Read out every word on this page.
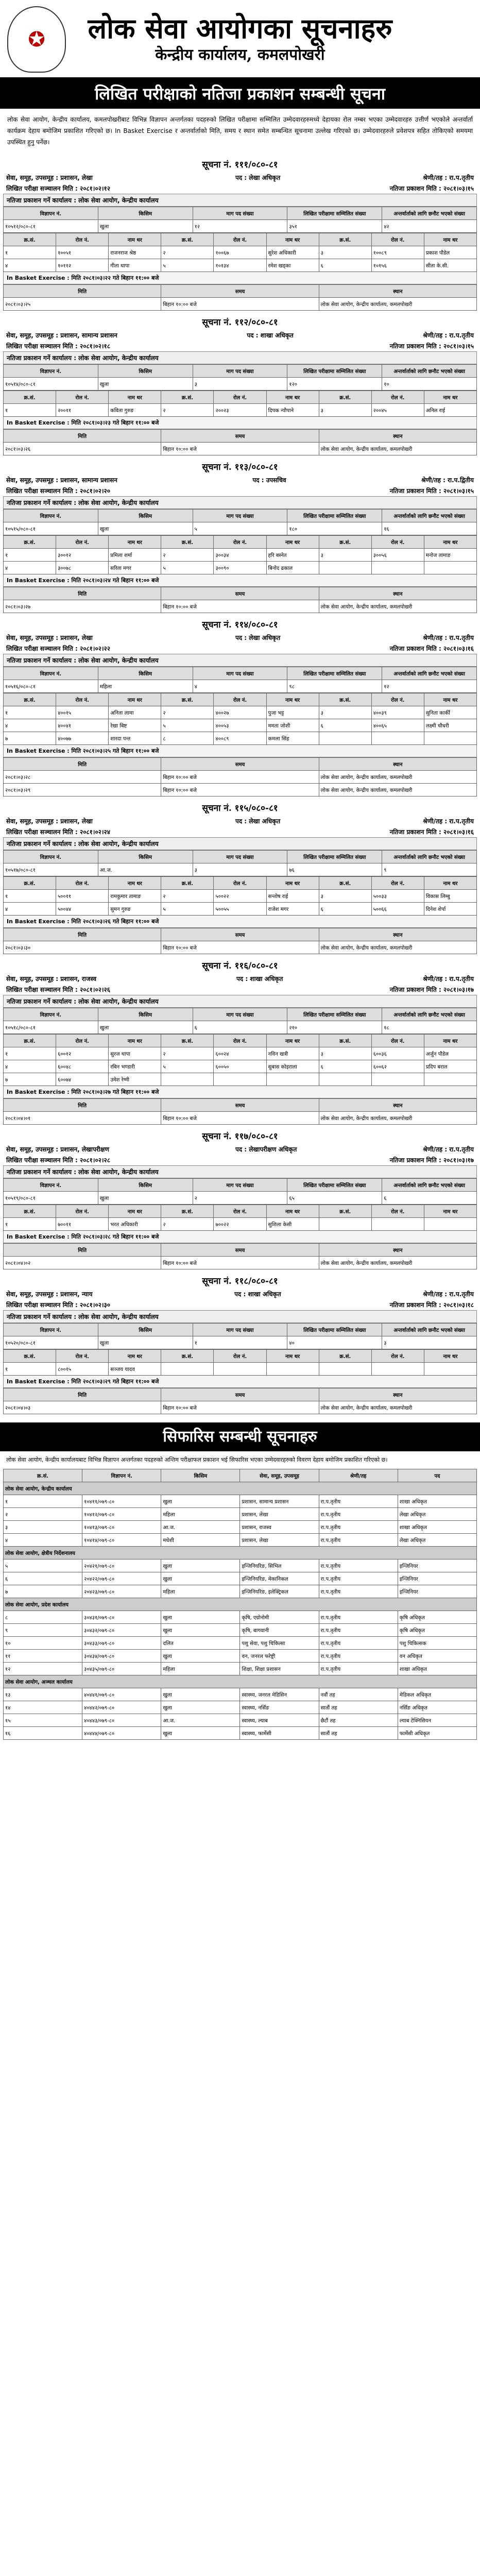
✪	लोक सेवा आयोगका सूचनाहरु
केन्द्रीय कार्यालय, कमलपोखरी
लिखित परीक्षाको नतिजा प्रकाशन सम्बन्धी सूचना
लोक सेवा आयोग, केन्द्रीय कार्यालय, कमलपोखरीबाट विभिन्न विज्ञापन अन्तर्गतका पदहरुको लिखित परीक्षामा सम्मिलित उम्मेदवारहरुमध्ये देहायका रोल नम्बर भएका उम्मेदवारहरु उत्तीर्ण भएकोले अन्तर्वार्ता कार्यक्रम देहाय बमोजिम प्रकाशित गरिएको छ। In Basket Exercise र अन्तर्वार्ताको मिति, समय र स्थान समेत सम्बन्धित सूचनामा उल्लेख गरिएको छ। उम्मेदवारहरुले प्रवेशपत्र सहित तोकिएको समयमा उपस्थित हुनु पर्नेछ।
सूचना नं. १११/०८०-८१
सेवा, समूह, उपसमूह : प्रशासन, लेखा	पद : लेखा अधिकृत	श्रेणी/तह : रा.प.तृतीय
लिखित परीक्षा सञ्चालन मिति : २०८१।०२।१२	नतिजा प्रकाशन मिति : २०८१।०३।१५
नतिजा प्रकाशन गर्ने कार्यालय : लोक सेवा आयोग, केन्द्रीय कार्यालय
विज्ञापन नं.	किसिम	माग पद संख्या	लिखित परीक्षामा सम्मिलित संख्या	अन्तर्वार्ताको लागि छनौट भएको संख्या
१०५१२/०८०-८१	खुला	१२	३५१	४२
क्र.सं.	रोल नं.	नाम थर	क्र.सं.	रोल नं.	नाम थर	क्र.सं.	रोल नं.	नाम थर
१	१००५१	राजनराज श्रेष्ठ	२	१००६७	सुरेश अधिकारी	३	१००८९	प्रकाश पौडेल
४	१०११२	गीता थापा	५	१०१३४	रमेश खड्का	६	१०१५६	सीता के.सी.
In Basket Exercise : मिति २०८१।०३।२२ गते बिहान ११:०० बजे
मिति	समय	स्थान
२०८१।०३।२५	बिहान १०:०० बजे	लोक सेवा आयोग, केन्द्रीय कार्यालय, कमलपोखरी
सूचना नं. ११२/०८०-८१
सेवा, समूह, उपसमूह : प्रशासन, सामान्य प्रशासन	पद : शाखा अधिकृत	श्रेणी/तह : रा.प.तृतीय
लिखित परीक्षा सञ्चालन मिति : २०८१।०२।१८	नतिजा प्रकाशन मिति : २०८१।०३।१५
नतिजा प्रकाशन गर्ने कार्यालय : लोक सेवा आयोग, केन्द्रीय कार्यालय
विज्ञापन नं.	किसिम	माग पद संख्या	लिखित परीक्षामा सम्मिलित संख्या	अन्तर्वार्ताको लागि छनौट भएको संख्या
१०५१४/०८०-८१	खुला	३	१२०	१०
क्र.सं.	रोल नं.	नाम थर	क्र.सं.	रोल नं.	नाम थर	क्र.सं.	रोल नं.	नाम थर
१	२००११	कविता गुरुङ	२	२००२३	दिपक न्यौपाने	३	२००४५	अनिल राई
In Basket Exercise : मिति २०८१।०३।२३ गते बिहान ११:०० बजे
मिति	समय	स्थान
२०८१।०३।२६	बिहान १०:०० बजे	लोक सेवा आयोग, केन्द्रीय कार्यालय, कमलपोखरी
सूचना नं. ११३/०८०-८१
सेवा, समूह, उपसमूह : प्रशासन, सामान्य प्रशासन	पद : उपसचिव	श्रेणी/तह : रा.प.द्वितीय
लिखित परीक्षा सञ्चालन मिति : २०८१।०२।२०	नतिजा प्रकाशन मिति : २०८१।०३।१५
नतिजा प्रकाशन गर्ने कार्यालय : लोक सेवा आयोग, केन्द्रीय कार्यालय
विज्ञापन नं.	किसिम	माग पद संख्या	लिखित परीक्षामा सम्मिलित संख्या	अन्तर्वार्ताको लागि छनौट भएको संख्या
१०५१५/०८०-८१	खुला	५	१८०	१६
क्र.सं.	रोल नं.	नाम थर	क्र.सं.	रोल नं.	नाम थर	क्र.सं.	रोल नं.	नाम थर
१	३००१२	प्रमिला शर्मा	२	३००३४	हरि बस्नेत	३	३००५६	मनोज तामाङ
४	३००७८	सरिता मगर	५	३००९०	बिनोद ढकाल			
In Basket Exercise : मिति २०८१।०३।२४ गते बिहान ११:०० बजे
मिति	समय	स्थान
२०८१।०३।२७	बिहान १०:०० बजे	लोक सेवा आयोग, केन्द्रीय कार्यालय, कमलपोखरी
सूचना नं. ११४/०८०-८१
सेवा, समूह, उपसमूह : प्रशासन, लेखा	पद : लेखा अधिकृत	श्रेणी/तह : रा.प.तृतीय
लिखित परीक्षा सञ्चालन मिति : २०८१।०२।२२	नतिजा प्रकाशन मिति : २०८१।०३।१६
नतिजा प्रकाशन गर्ने कार्यालय : लोक सेवा आयोग, केन्द्रीय कार्यालय
विज्ञापन नं.	किसिम	माग पद संख्या	लिखित परीक्षामा सम्मिलित संख्या	अन्तर्वार्ताको लागि छनौट भएको संख्या
१०५१६/०८०-८१	महिला	४	९८	१२
क्र.सं.	रोल नं.	नाम थर	क्र.सं.	रोल नं.	नाम थर	क्र.सं.	रोल नं.	नाम थर
१	४००१५	अनिता लामा	२	४००२७	पुजा भट्ट	३	४००३९	सुनिता कार्की
४	४००४१	रेखा बिष्ट	५	४००५३	ममता जोशी	६	४००६५	लक्ष्मी चौधरी
७	४००७७	शारदा पन्त	८	४००८९	कमला सिंह			
In Basket Exercise : मिति २०८१।०३।२५ गते बिहान ११:०० बजे
मिति	समय	स्थान
२०८१।०३।२८	बिहान १०:०० बजे	लोक सेवा आयोग, केन्द्रीय कार्यालय, कमलपोखरी
२०८१।०३।२९	बिहान १०:०० बजे	लोक सेवा आयोग, केन्द्रीय कार्यालय, कमलपोखरी
सूचना नं. ११५/०८०-८१
सेवा, समूह, उपसमूह : प्रशासन, लेखा	पद : लेखा अधिकृत	श्रेणी/तह : रा.प.तृतीय
लिखित परीक्षा सञ्चालन मिति : २०८१।०२।२४	नतिजा प्रकाशन मिति : २०८१।०३।१६
नतिजा प्रकाशन गर्ने कार्यालय : लोक सेवा आयोग, केन्द्रीय कार्यालय
विज्ञापन नं.	किसिम	माग पद संख्या	लिखित परीक्षामा सम्मिलित संख्या	अन्तर्वार्ताको लागि छनौट भएको संख्या
१०५१७/०८०-८१	आ.ज.	३	७६	९
क्र.सं.	रोल नं.	नाम थर	क्र.सं.	रोल नं.	नाम थर	क्र.सं.	रोल नं.	नाम थर
१	५००११	रामकुमार तामाङ	२	५००२२	सन्तोष राई	३	५००३३	विकास लिम्बु
४	५००४४	सुमन गुरुङ	५	५००५५	राजेश मगर	६	५००६६	दिनेश शेर्पा
In Basket Exercise : मिति २०८१।०३।२६ गते बिहान ११:०० बजे
मिति	समय	स्थान
२०८१।०३।३०	बिहान १०:०० बजे	लोक सेवा आयोग, केन्द्रीय कार्यालय, कमलपोखरी
सूचना नं. ११६/०८०-८१
सेवा, समूह, उपसमूह : प्रशासन, राजस्व	पद : शाखा अधिकृत	श्रेणी/तह : रा.प.तृतीय
लिखित परीक्षा सञ्चालन मिति : २०८१।०२।२६	नतिजा प्रकाशन मिति : २०८१।०३।१७
नतिजा प्रकाशन गर्ने कार्यालय : लोक सेवा आयोग, केन्द्रीय कार्यालय
विज्ञापन नं.	किसिम	माग पद संख्या	लिखित परीक्षामा सम्मिलित संख्या	अन्तर्वार्ताको लागि छनौट भएको संख्या
१०५१८/०८०-८१	खुला	६	२१०	१८
क्र.सं.	रोल नं.	नाम थर	क्र.सं.	रोल नं.	नाम थर	क्र.सं.	रोल नं.	नाम थर
१	६००१२	सुरज थापा	२	६००२४	नविन खत्री	३	६००३६	अर्जुन पौडेल
४	६००४८	रबिन भण्डारी	५	६००५०	सुबास कोइराला	६	६००६२	प्रदिप बराल
७	६००७४	उमेश रेग्मी						
In Basket Exercise : मिति २०८१।०३।२७ गते बिहान ११:०० बजे
मिति	समय	स्थान
२०८१।०४।०१	बिहान १०:०० बजे	लोक सेवा आयोग, केन्द्रीय कार्यालय, कमलपोखरी
सूचना नं. ११७/०८०-८१
सेवा, समूह, उपसमूह : प्रशासन, लेखापरीक्षण	पद : लेखापरीक्षण अधिकृत	श्रेणी/तह : रा.प.तृतीय
लिखित परीक्षा सञ्चालन मिति : २०८१।०२।२८	नतिजा प्रकाशन मिति : २०८१।०३।१७
नतिजा प्रकाशन गर्ने कार्यालय : लोक सेवा आयोग, केन्द्रीय कार्यालय
विज्ञापन नं.	किसिम	माग पद संख्या	लिखित परीक्षामा सम्मिलित संख्या	अन्तर्वार्ताको लागि छनौट भएको संख्या
१०५१९/०८०-८१	खुला	२	६५	६
क्र.सं.	रोल नं.	नाम थर	क्र.सं.	रोल नं.	नाम थर	क्र.सं.	रोल नं.	नाम थर
१	७००११	भरत अधिकारी	२	७००२२	सुशिला केसी			
In Basket Exercise : मिति २०८१।०३।२८ गते बिहान ११:०० बजे
मिति	समय	स्थान
२०८१।०४।०२	बिहान १०:०० बजे	लोक सेवा आयोग, केन्द्रीय कार्यालय, कमलपोखरी
सूचना नं. ११८/०८०-८१
सेवा, समूह, उपसमूह : प्रशासन, न्याय	पद : शाखा अधिकृत	श्रेणी/तह : रा.प.तृतीय
लिखित परीक्षा सञ्चालन मिति : २०८१।०२।३०	नतिजा प्रकाशन मिति : २०८१।०३।१८
नतिजा प्रकाशन गर्ने कार्यालय : लोक सेवा आयोग, केन्द्रीय कार्यालय
विज्ञापन नं.	किसिम	माग पद संख्या	लिखित परीक्षामा सम्मिलित संख्या	अन्तर्वार्ताको लागि छनौट भएको संख्या
१०५२०/०८०-८१	खुला	१	४०	३
क्र.सं.	रोल नं.	नाम थर	क्र.सं.	रोल नं.	नाम थर	क्र.सं.	रोल नं.	नाम थर
१	८००१५	सञ्जय यादव						
In Basket Exercise : मिति २०८१।०३।२९ गते बिहान ११:०० बजे
मिति	समय	स्थान
२०८१।०४।०३	बिहान १०:०० बजे	लोक सेवा आयोग, केन्द्रीय कार्यालय, कमलपोखरी
सिफारिस सम्बन्धी सूचनाहरु
लोक सेवा आयोग, केन्द्रीय कार्यालयबाट विभिन्न विज्ञापन अन्तर्गतका पदहरुको अन्तिम परीक्षाफल प्रकाशन भई सिफारिस भएका उम्मेदवारहरुको विवरण देहाय बमोजिम प्रकाशित गरिएको छ।
क्र.सं.	विज्ञापन नं.	किसिम	सेवा, समूह, उपसमूह	श्रेणी/तह	पद
लोक सेवा आयोग, केन्द्रीय कार्यालय					
१	१०४११/०७९-८०	खुला	प्रशासन, सामान्य प्रशासन	रा.प.तृतीय	शाखा अधिकृत
२	१०४१२/०७९-८०	महिला	प्रशासन, लेखा	रा.प.तृतीय	लेखा अधिकृत
३	१०४१३/०७९-८०	आ.ज.	प्रशासन, राजस्व	रा.प.तृतीय	शाखा अधिकृत
४	१०४१४/०७९-८०	मधेशी	प्रशासन, लेखा	रा.प.तृतीय	लेखा अधिकृत
लोक सेवा आयोग, क्षेत्रीय निर्देशनालय					
५	२०४२१/०७९-८०	खुला	इन्जिनियरिङ, सिभिल	रा.प.तृतीय	इन्जिनियर
६	२०४२२/०७९-८०	खुला	इन्जिनियरिङ, मेकानिकल	रा.प.तृतीय	इन्जिनियर
७	२०४२३/०७९-८०	महिला	इन्जिनियरिङ, इलेक्ट्रिकल	रा.प.तृतीय	इन्जिनियर
लोक सेवा आयोग, प्रदेश कार्यालय					
८	३०४३१/०७९-८०	खुला	कृषि, एग्रोनोमी	रा.प.तृतीय	कृषि अधिकृत
९	३०४३२/०७९-८०	खुला	कृषि, बागवानी	रा.प.तृतीय	कृषि अधिकृत
१०	३०४३३/०७९-८०	दलित	पशु सेवा, पशु चिकित्सा	रा.प.तृतीय	पशु चिकित्सक
११	३०४३४/०७९-८०	खुला	वन, जनरल फरेष्ट्री	रा.प.तृतीय	वन अधिकृत
१२	३०४३५/०७९-८०	महिला	शिक्षा, शिक्षा प्रशासन	रा.प.तृतीय	शाखा अधिकृत
लोक सेवा आयोग, अञ्चल कार्यालय					
१३	४०४४१/०७९-८०	खुला	स्वास्थ्य, जनरल मेडिसिन	नवौं तह	मेडिकल अधिकृत
१४	४०४४२/०७९-८०	खुला	स्वास्थ्य, नर्सिङ	सातौं तह	नर्सिङ अधिकृत
१५	४०४४३/०७९-८०	आ.ज.	स्वास्थ्य, ल्याब	छैटौं तह	ल्याब टेक्निसियन
१६	४०४४४/०७९-८०	खुला	स्वास्थ्य, फार्मेसी	सातौं तह	फार्मेसी अधिकृत
